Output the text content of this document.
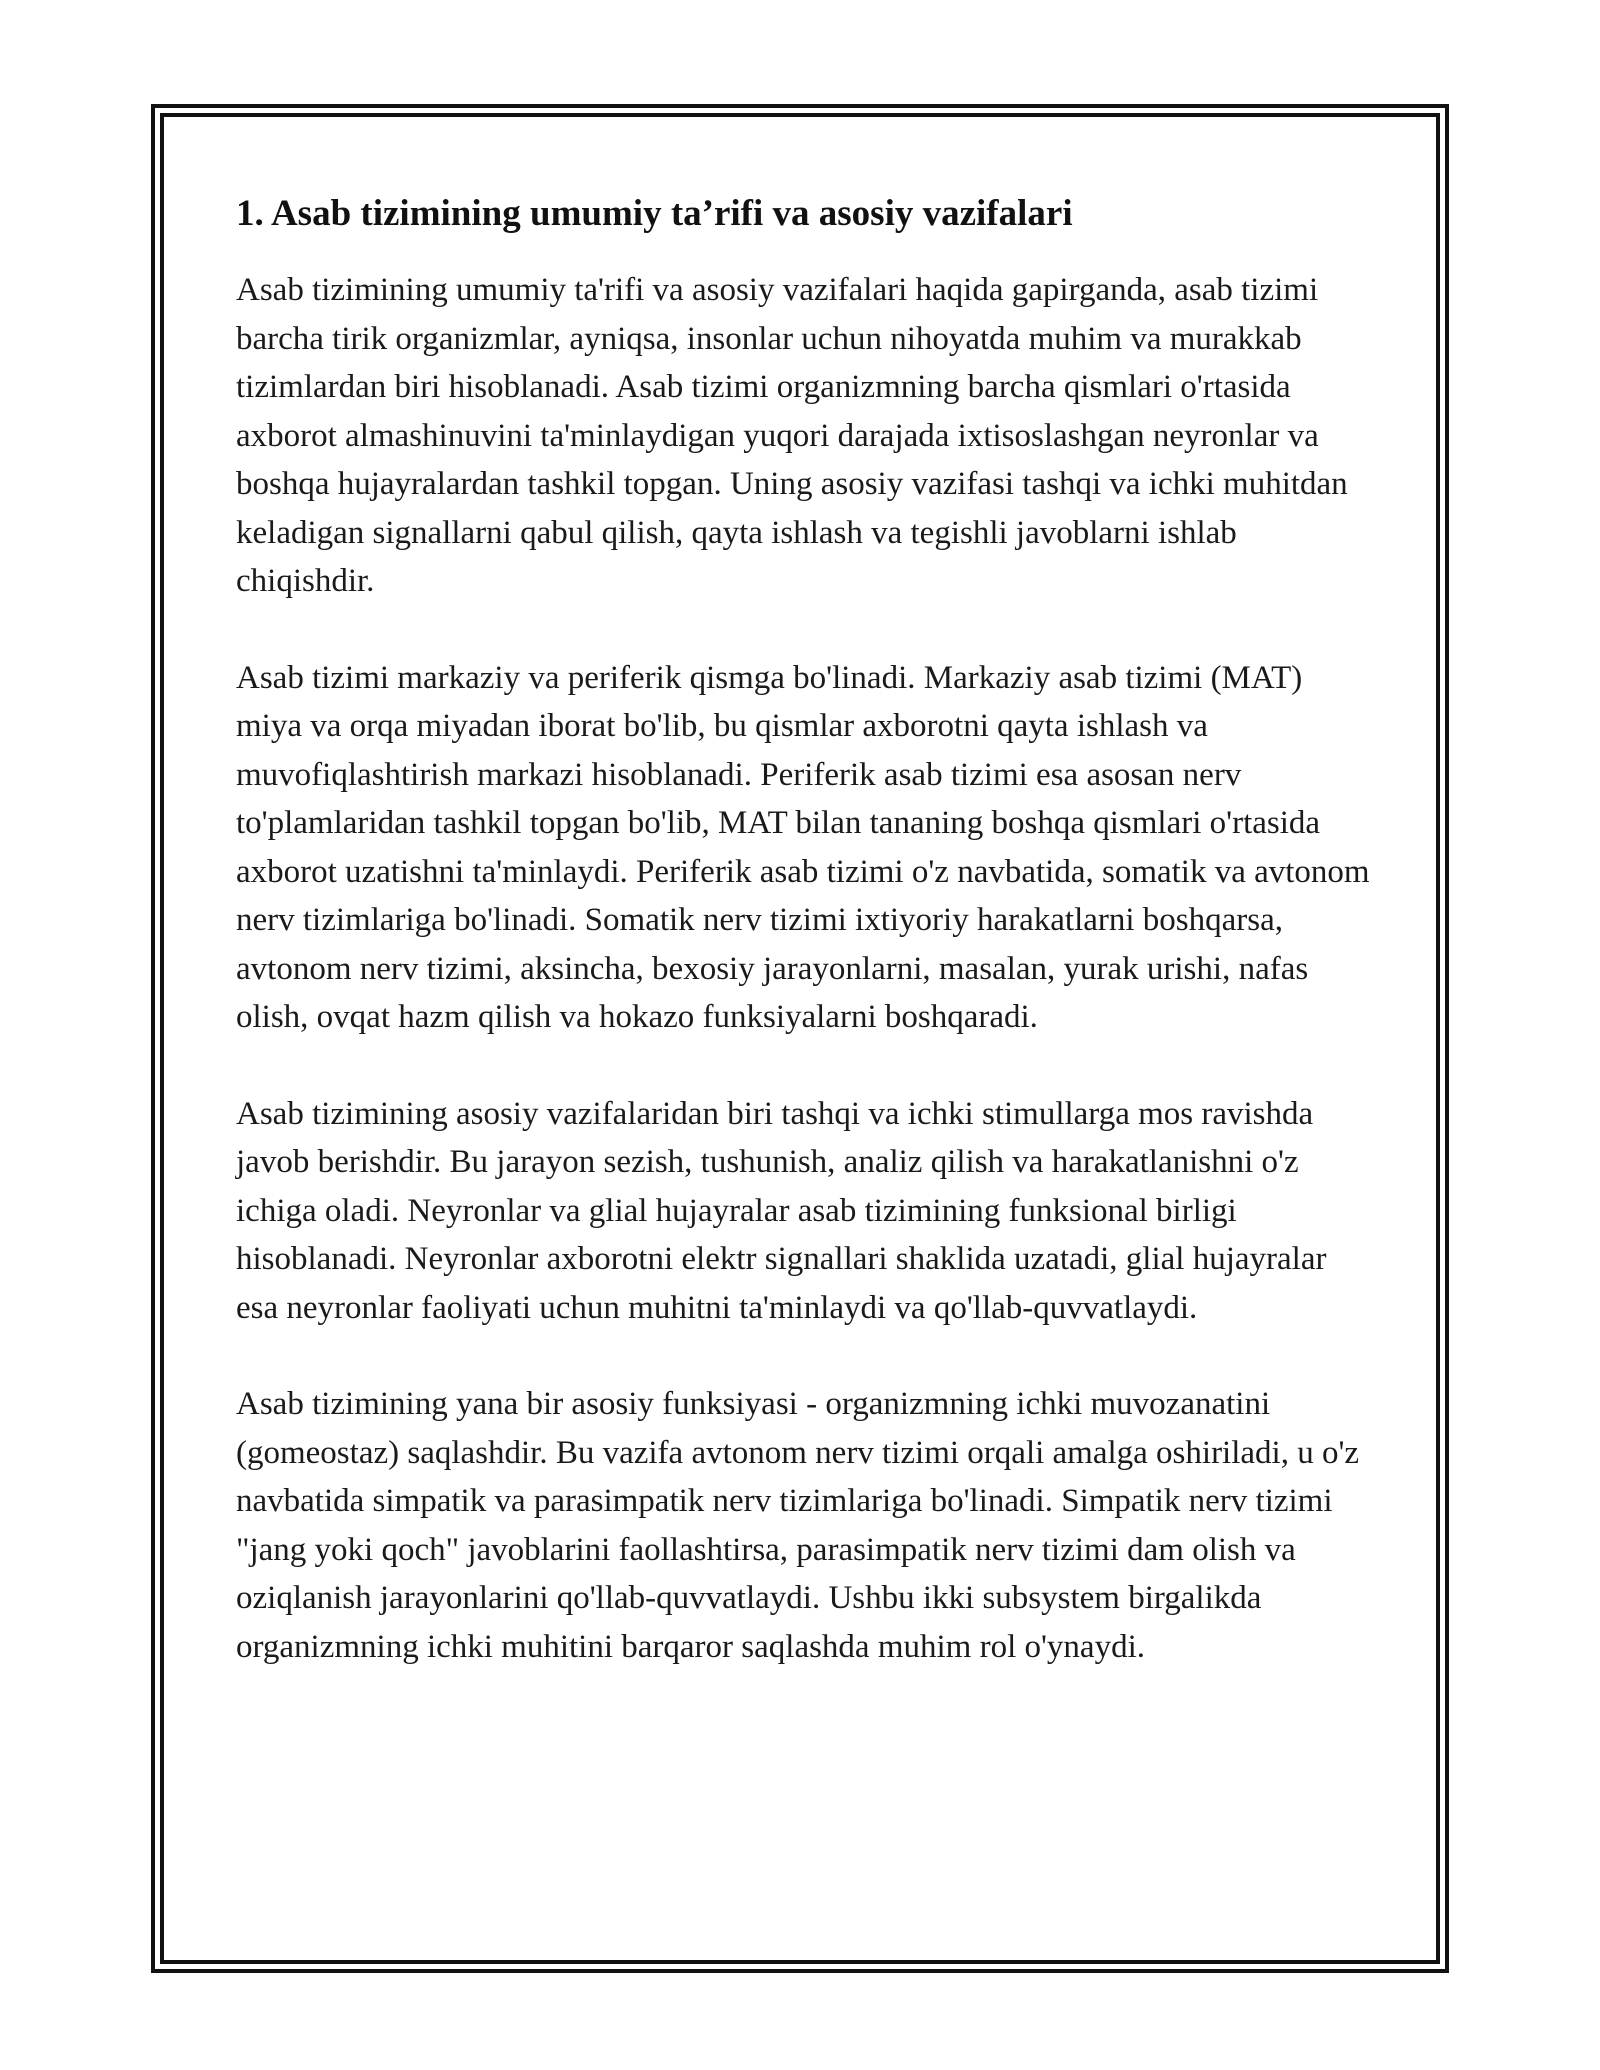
1. Asab tizimining umumiy ta’rifi va asosiy vazifalari

Asab tizimining umumiy ta'rifi va asosiy vazifalari haqida gapirganda, asab tizimi barcha tirik organizmlar, ayniqsa, insonlar uchun nihoyatda muhim va murakkab tizimlardan biri hisoblanadi. Asab tizimi organizmning barcha qismlari o'rtasida axborot almashinuvini ta'minlaydigan yuqori darajada ixtisoslashgan neyronlar va boshqa hujayralardan tashkil topgan. Uning asosiy vazifasi tashqi va ichki muhitdan keladigan signallarni qabul qilish, qayta ishlash va tegishli javoblarni ishlab chiqishdir.

Asab tizimi markaziy va periferik qismga bo'linadi. Markaziy asab tizimi (MAT) miya va orqa miyadan iborat bo'lib, bu qismlar axborotni qayta ishlash va muvofiqlashtirish markazi hisoblanadi. Periferik asab tizimi esa asosan nerv to'plamlaridan tashkil topgan bo'lib, MAT bilan tananing boshqa qismlari o'rtasida axborot uzatishni ta'minlaydi. Periferik asab tizimi o'z navbatida, somatik va avtonom nerv tizimlariga bo'linadi. Somatik nerv tizimi ixtiyoriy harakatlarni boshqarsa, avtonom nerv tizimi, aksincha, bexosiy jarayonlarni, masalan, yurak urishi, nafas olish, ovqat hazm qilish va hokazo funksiyalarni boshqaradi.

Asab tizimining asosiy vazifalaridan biri tashqi va ichki stimullarga mos ravishda javob berishdir. Bu jarayon sezish, tushunish, analiz qilish va harakatlanishni o'z ichiga oladi. Neyronlar va glial hujayralar asab tizimining funksional birligi hisoblanadi. Neyronlar axborotni elektr signallari shaklida uzatadi, glial hujayralar esa neyronlar faoliyati uchun muhitni ta'minlaydi va qo'llab-quvvatlaydi.

Asab tizimining yana bir asosiy funksiyasi - organizmning ichki muvozanatini (gomeostaz) saqlashdir. Bu vazifa avtonom nerv tizimi orqali amalga oshiriladi, u o'z navbatida simpatik va parasimpatik nerv tizimlariga bo'linadi. Simpatik nerv tizimi "jang yoki qoch" javoblarini faollashtirsa, parasimpatik nerv tizimi dam olish va oziqlanish jarayonlarini qo'llab-quvvatlaydi. Ushbu ikki subsystem birgalikda organizmning ichki muhitini barqaror saqlashda muhim rol o'ynaydi.
